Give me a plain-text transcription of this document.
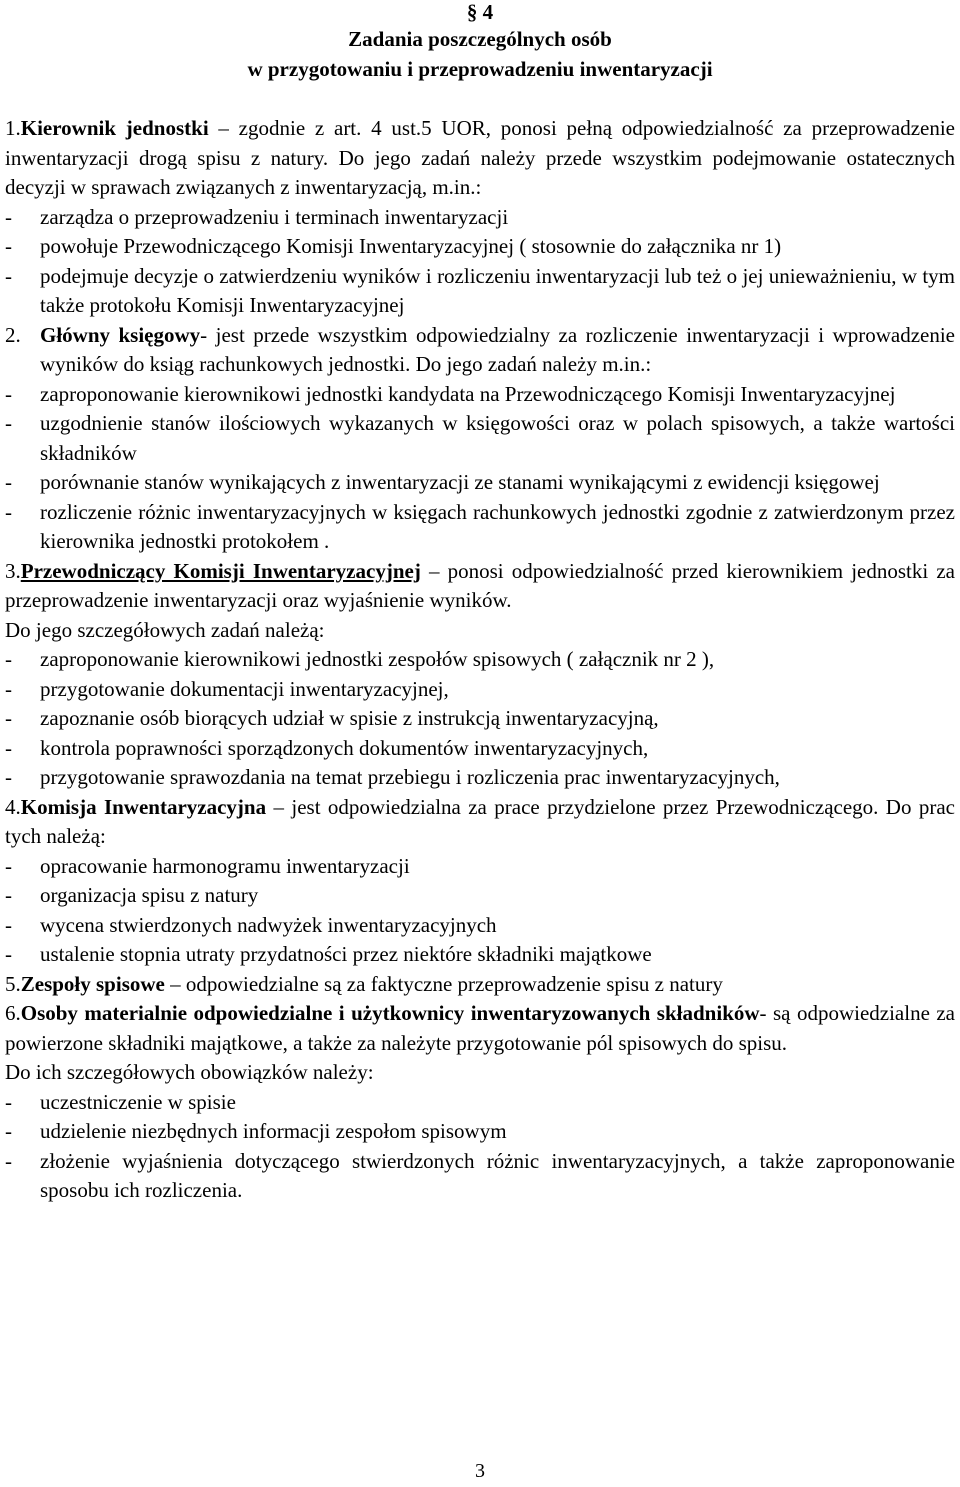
§ 4
Zadania poszczególnych osób
w przygotowaniu i przeprowadzeniu inwentaryzacji
1.Kierownik jednostki – zgodnie z art. 4 ust.5 UOR, ponosi pełną odpowiedzialność za przeprowadzenie inwentaryzacji drogą spisu z natury. Do jego zadań należy przede wszystkim podejmowanie ostatecznych decyzji w sprawach związanych z inwentaryzacją, m.in.:
-	zarządza o przeprowadzeniu i terminach inwentaryzacji
-	powołuje Przewodniczącego Komisji Inwentaryzacyjnej ( stosownie do załącznika nr 1)
-	podejmuje decyzje o zatwierdzeniu wyników i rozliczeniu inwentaryzacji lub też o jej unieważnieniu, w tym także protokołu Komisji Inwentaryzacyjnej
2. Główny księgowy- jest przede wszystkim odpowiedzialny za rozliczenie inwentaryzacji i wprowadzenie wyników do ksiąg rachunkowych jednostki. Do jego zadań należy m.in.:
-	zaproponowanie kierownikowi jednostki kandydata na Przewodniczącego Komisji Inwentaryzacyjnej
-	uzgodnienie stanów ilościowych wykazanych w księgowości oraz w polach spisowych, a także wartości składników
-	porównanie stanów wynikających z inwentaryzacji ze stanami wynikającymi z ewidencji księgowej
-	rozliczenie różnic inwentaryzacyjnych w księgach rachunkowych jednostki zgodnie z zatwierdzonym przez kierownika jednostki protokołem .
3.Przewodniczący Komisji Inwentaryzacyjnej – ponosi odpowiedzialność przed kierownikiem jednostki za przeprowadzenie inwentaryzacji oraz wyjaśnienie wyników.
Do jego szczegółowych zadań należą:
-	zaproponowanie kierownikowi jednostki zespołów spisowych ( załącznik nr 2 ),
-	przygotowanie dokumentacji inwentaryzacyjnej,
-	zapoznanie osób biorących udział w spisie z instrukcją inwentaryzacyjną,
-	kontrola poprawności sporządzonych dokumentów inwentaryzacyjnych,
-	przygotowanie sprawozdania na temat przebiegu i rozliczenia prac inwentaryzacyjnych,
4.Komisja Inwentaryzacyjna – jest odpowiedzialna za prace przydzielone przez Przewodniczącego. Do prac tych należą:
-	opracowanie harmonogramu inwentaryzacji
-	organizacja spisu z natury
-	wycena stwierdzonych nadwyżek inwentaryzacyjnych
-	ustalenie stopnia utraty przydatności przez niektóre składniki majątkowe
5.Zespoły spisowe – odpowiedzialne są za faktyczne przeprowadzenie spisu z natury
6.Osoby materialnie odpowiedzialne i użytkownicy inwentaryzowanych składników- są odpowiedzialne za powierzone składniki majątkowe, a także za należyte przygotowanie pól spisowych do spisu.
Do ich szczegółowych obowiązków należy:
-	uczestniczenie w spisie
-	udzielenie niezbędnych informacji zespołom spisowym
-	złożenie wyjaśnienia dotyczącego stwierdzonych różnic inwentaryzacyjnych, a także zaproponowanie sposobu ich rozliczenia.
3
